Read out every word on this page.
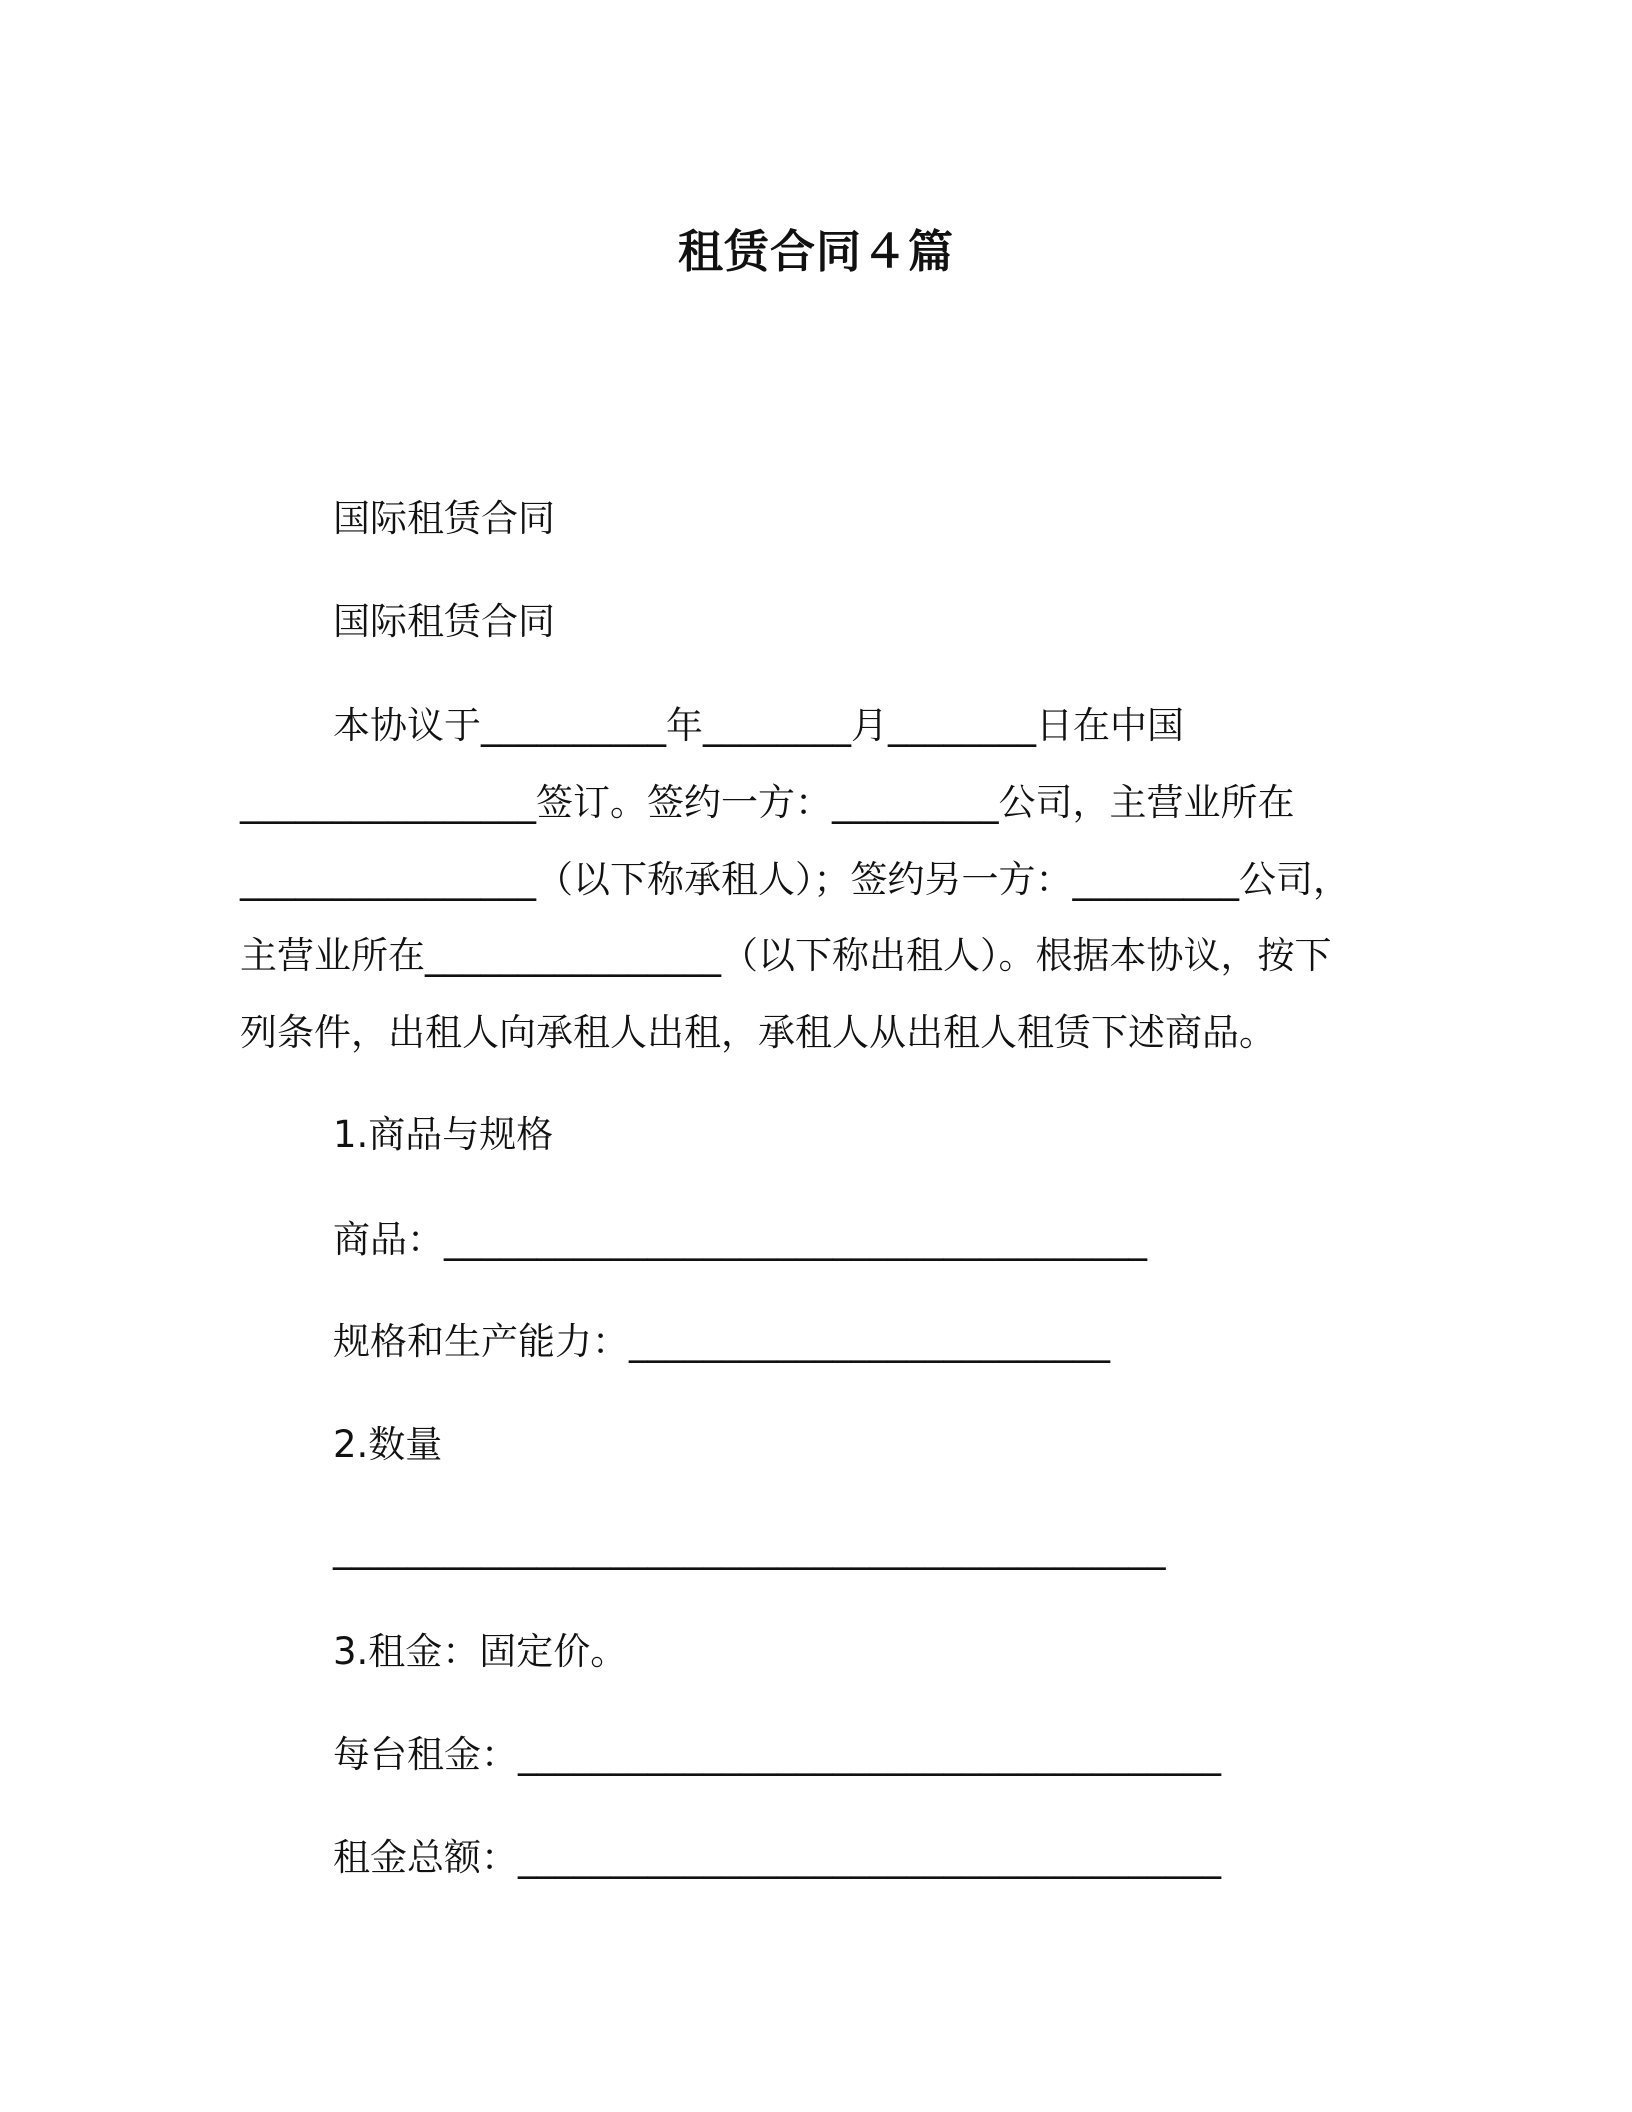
租赁合同４篇
国际租赁合同
国际租赁合同
本协议于__________年________月________日在中国
________________签订。签约一方：_________公司，主营业所在
________________（以下称承租人）；签约另一方：_________公司，
主营业所在________________（以下称出租人）。根据本协议，按下
列条件，出租人向承租人出租，承租人从出租人租赁下述商品。
1.商品与规格
商品：______________________________________
规格和生产能力：__________________________
2.数量
_____________________________________________
3.租金：固定价。
每台租金：______________________________________
租金总额：______________________________________
